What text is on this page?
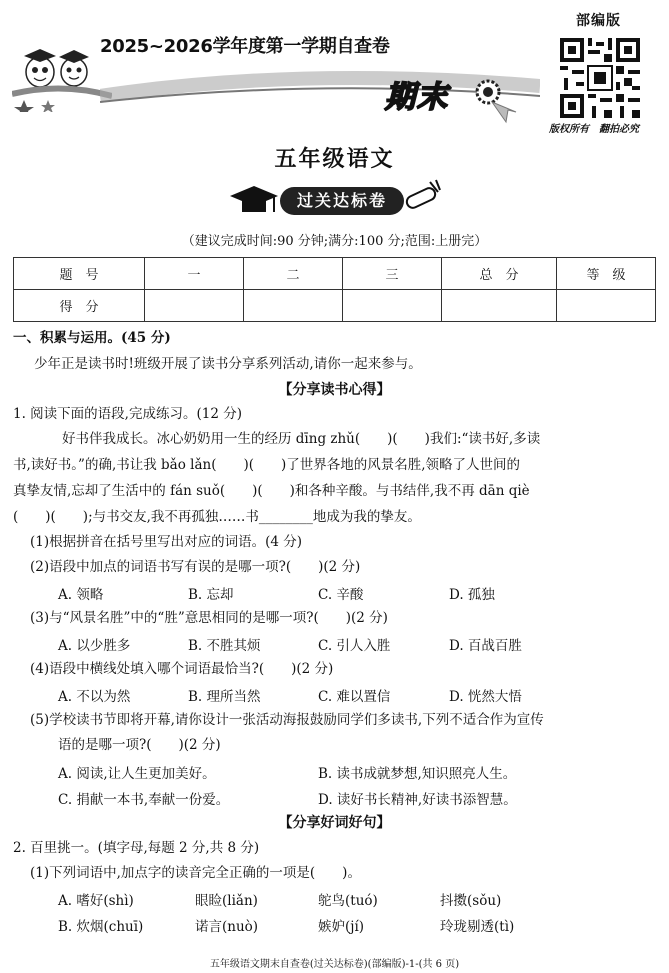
2025~2026学年度第一学期自查卷
部编版
期末
版权所有　翻拍必究
五年级语文
过关达标卷
（建议完成时间:90 分钟;满分:100 分;范围:上册完）
题　号	一	二	三	总　分	等　级
得　分					
一、积累与运用。(45 分)
少年正是读书时!班级开展了读书分享系列活动,请你一起来参与。
【分享读书心得】
1. 阅读下面的语段,完成练习。(12 分)
好书伴我成长。冰心奶奶用一生的经历 dīng zhǔ(　　)(　　)我们:“读书好,多读
书,读好书。”的确,书让我 bǎo lǎn(　　)(　　)了世界各地的风景名胜,领略了人世间的
真挚友情,忘却了生活中的 fán suǒ(　　)(　　)和各种辛酸。与书结伴,我不再 dān qiè
(　　)(　　);与书交友,我不再孤独……书________地成为我的挚友。
(1)根据拼音在括号里写出对应的词语。(4 分)
(2)语段中加点的词语书写有误的是哪一项?(　　)(2 分)
A. 领略	B. 忘却	C. 辛酸	D. 孤独
(3)与“风景名胜”中的“胜”意思相同的是哪一项?(　　)(2 分)
A. 以少胜多	B. 不胜其烦	C. 引人入胜	D. 百战百胜
(4)语段中横线处填入哪个词语最恰当?(　　)(2 分)
A. 不以为然	B. 理所当然	C. 难以置信	D. 恍然大悟
(5)学校读书节即将开幕,请你设计一张活动海报鼓励同学们多读书,下列不适合作为宣传
语的是哪一项?(　　)(2 分)
A. 阅读,让人生更加美好。	B. 读书成就梦想,知识照亮人生。
C. 捐献一本书,奉献一份爱。	D. 读好书长精神,好读书添智慧。
【分享好词好句】
2. 百里挑一。(填字母,每题 2 分,共 8 分)
(1)下列词语中,加点字的读音完全正确的一项是(　　)。
A. 嗜好(shì)	眼睑(liǎn)	鸵鸟(tuó)	抖擞(sǒu)
B. 炊烟(chuī)	诺言(nuò)	嫉妒(jí)	玲珑剔透(tì)
五年级语文期末自查卷(过关达标卷)(部编版)-1-(共 6 页)
